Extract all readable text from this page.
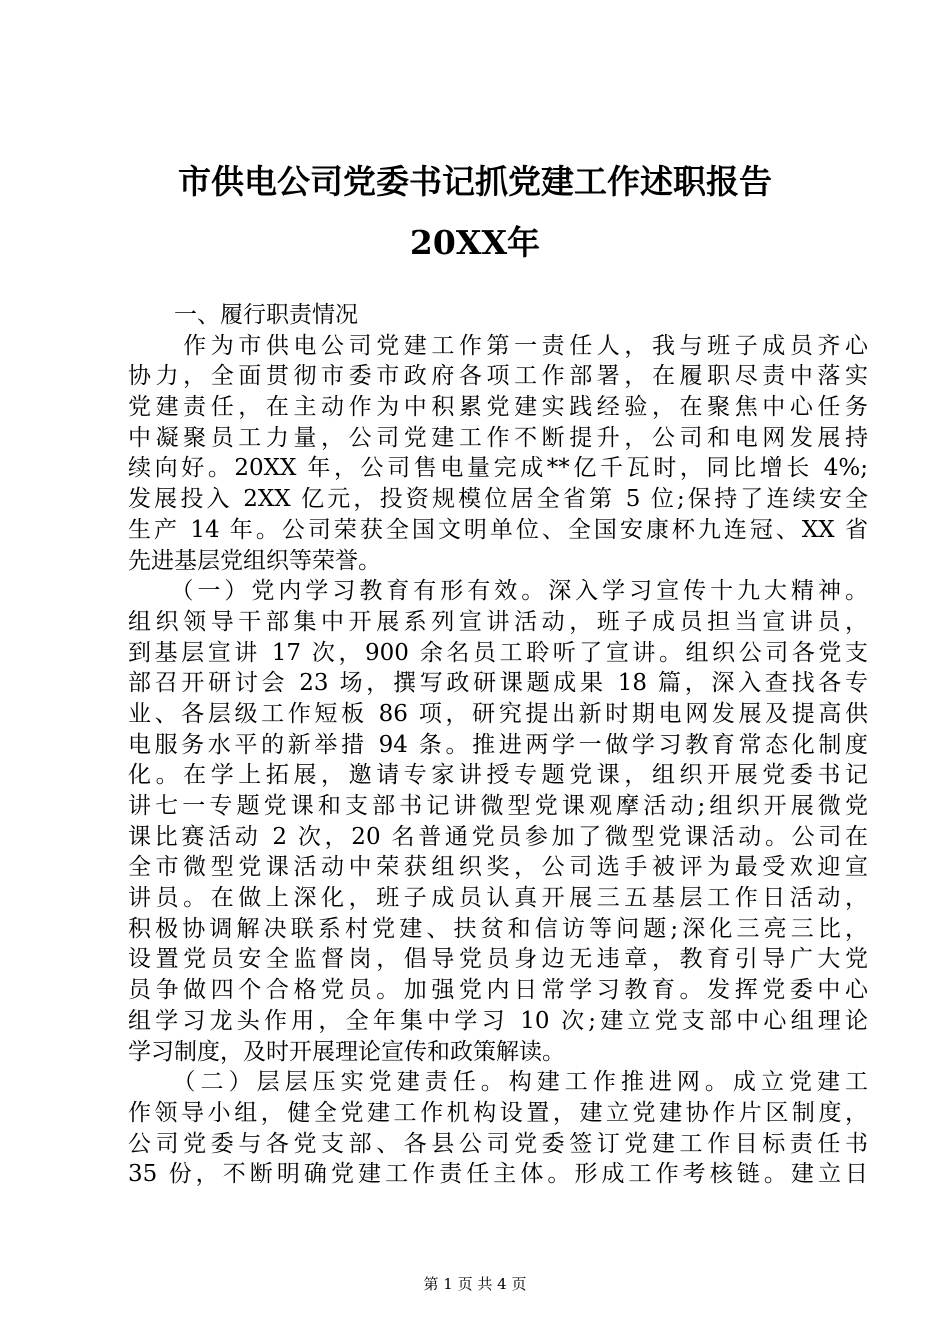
市供电公司党委书记抓党建工作述职报告
20XX年
　　一、履行职责情况
　　作为市供电公司党建工作第一责任人，我与班子成员齐心
协力，全面贯彻市委市政府各项工作部署，在履职尽责中落实
党建责任，在主动作为中积累党建实践经验，在聚焦中心任务
中凝聚员工力量，公司党建工作不断提升，公司和电网发展持
续向好。20XX 年，公司售电量完成**亿千瓦时，同比增长 4%;
发展投入 2XX 亿元，投资规模位居全省第 5 位;保持了连续安全
生产 14 年。公司荣获全国文明单位、全国安康杯九连冠、XX 省
先进基层党组织等荣誉。
　　（一）党内学习教育有形有效。深入学习宣传十九大精神。
组织领导干部集中开展系列宣讲活动，班子成员担当宣讲员，
到基层宣讲 17 次，900 余名员工聆听了宣讲。组织公司各党支
部召开研讨会 23 场，撰写政研课题成果 18 篇，深入查找各专
业、各层级工作短板 86 项，研究提出新时期电网发展及提高供
电服务水平的新举措 94 条。推进两学一做学习教育常态化制度
化。在学上拓展，邀请专家讲授专题党课，组织开展党委书记
讲七一专题党课和支部书记讲微型党课观摩活动;组织开展微党
课比赛活动 2 次，20 名普通党员参加了微型党课活动。公司在
全市微型党课活动中荣获组织奖，公司选手被评为最受欢迎宣
讲员。在做上深化，班子成员认真开展三五基层工作日活动，
积极协调解决联系村党建、扶贫和信访等问题;深化三亮三比，
设置党员安全监督岗，倡导党员身边无违章，教育引导广大党
员争做四个合格党员。加强党内日常学习教育。发挥党委中心
组学习龙头作用，全年集中学习 10 次;建立党支部中心组理论
学习制度，及时开展理论宣传和政策解读。
　　（二）层层压实党建责任。构建工作推进网。成立党建工
作领导小组，健全党建工作机构设置，建立党建协作片区制度，
公司党委与各党支部、各县公司党委签订党建工作目标责任书
35 份，不断明确党建工作责任主体。形成工作考核链。建立日
第 1 页 共 4 页
